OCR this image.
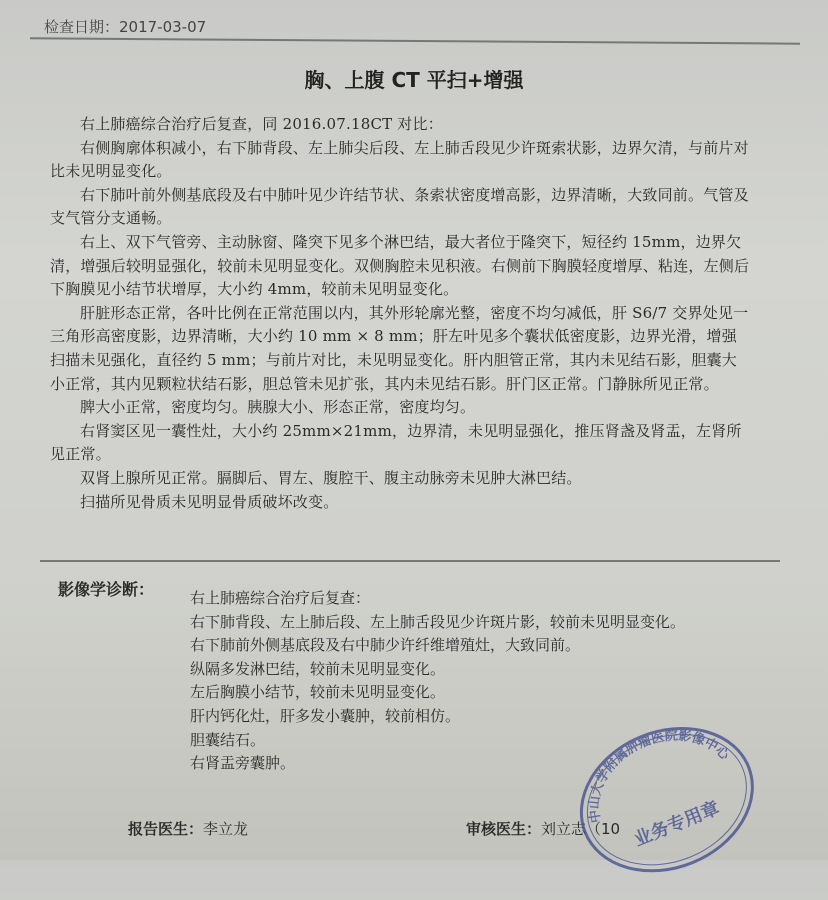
检查日期：2017-03-07
胸、上腹 CT 平扫+增强

右上肺癌综合治疗后复查，同 2016.07.18CT 对比：

右侧胸廓体积减小，右下肺背段、左上肺尖后段、左上肺舌段见少许斑索状影，边界欠清，与前片对比未见明显变化。

右下肺叶前外侧基底段及右中肺叶见少许结节状、条索状密度增高影，边界清晰，大致同前。气管及支气管分支通畅。

右上、双下气管旁、主动脉窗、隆突下见多个淋巴结，最大者位于隆突下，短径约 15mm，边界欠清，增强后较明显强化，较前未见明显变化。双侧胸腔未见积液。右侧前下胸膜轻度增厚、粘连，左侧后下胸膜见小结节状增厚，大小约 4mm，较前未见明显变化。

肝脏形态正常，各叶比例在正常范围以内，其外形轮廓光整，密度不均匀减低，肝 S6/7 交界处见一三角形高密度影，边界清晰，大小约 10 mm × 8 mm；肝左叶见多个囊状低密度影，边界光滑，增强扫描未见强化，直径约 5 mm；与前片对比，未见明显变化。肝内胆管正常，其内未见结石影，胆囊大小正常，其内见颗粒状结石影，胆总管未见扩张，其内未见结石影。肝门区正常。门静脉所见正常。

脾大小正常，密度均匀。胰腺大小、形态正常，密度均匀。

右肾窦区见一囊性灶，大小约 25mm×21mm，边界清，未见明显强化，推压肾盏及肾盂，左肾所见正常。

双肾上腺所见正常。膈脚后、胃左、腹腔干、腹主动脉旁未见肿大淋巴结。

扫描所见骨质未见明显骨质破坏改变。

影像学诊断： 右上肺癌综合治疗后复查：
右下肺背段、左上肺后段、左上肺舌段见少许斑片影，较前未见明显变化。
右下肺前外侧基底段及右中肺少许纤维增殖灶，大致同前。
纵隔多发淋巴结，较前未见明显变化。
左后胸膜小结节，较前未见明显变化。
肝内钙化灶，肝多发小囊肿，较前相仿。
胆囊结石。
右肾盂旁囊肿。
报告医生：李立龙	审核医生：刘立志（10
中山大学附属肿瘤医院影像中心
业务专用章
